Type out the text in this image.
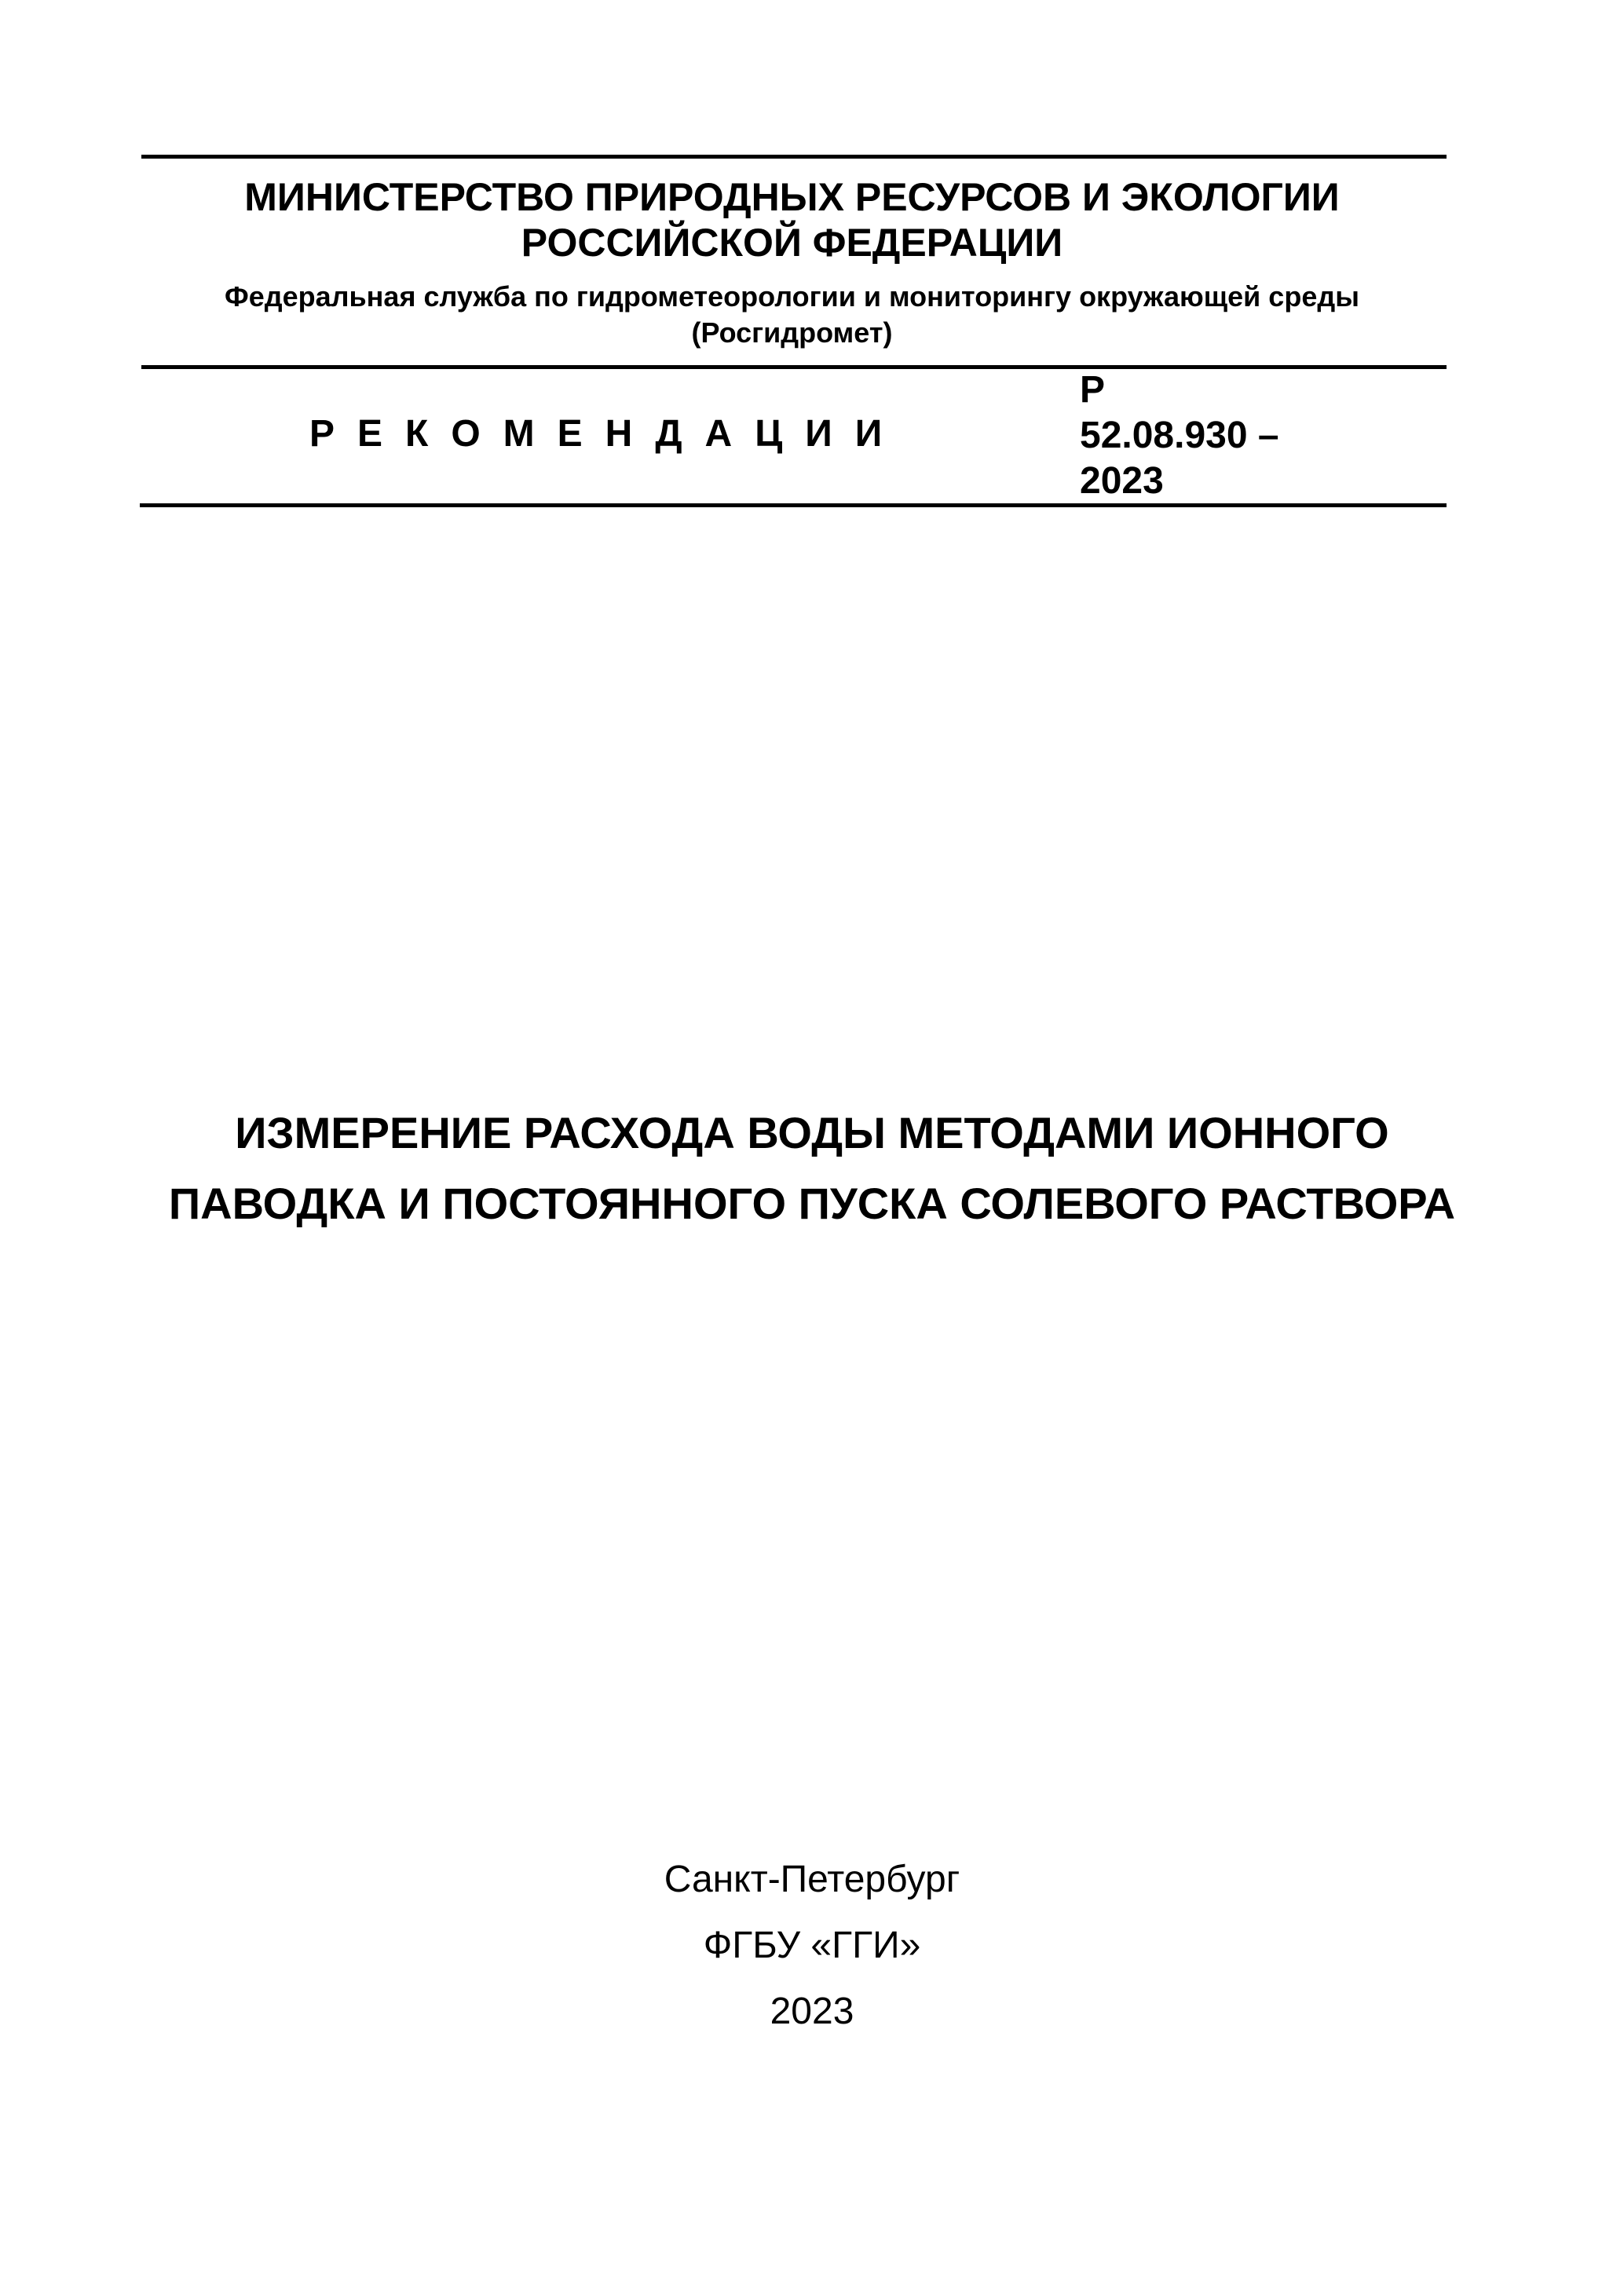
МИНИСТЕРСТВО ПРИРОДНЫХ РЕСУРСОВ И ЭКОЛОГИИ
РОССИЙСКОЙ ФЕДЕРАЦИИ
Федеральная служба по гидрометеорологии и мониторингу окружающей среды
(Росгидромет)
РЕКОМЕНДАЦИИ
Р
52.08.930 –
2023
ИЗМЕРЕНИЕ РАСХОДА ВОДЫ МЕТОДАМИ ИОННОГО
ПАВОДКА И ПОСТОЯННОГО ПУСКА СОЛЕВОГО РАСТВОРА
Санкт-Петербург
ФГБУ «ГГИ»
2023
